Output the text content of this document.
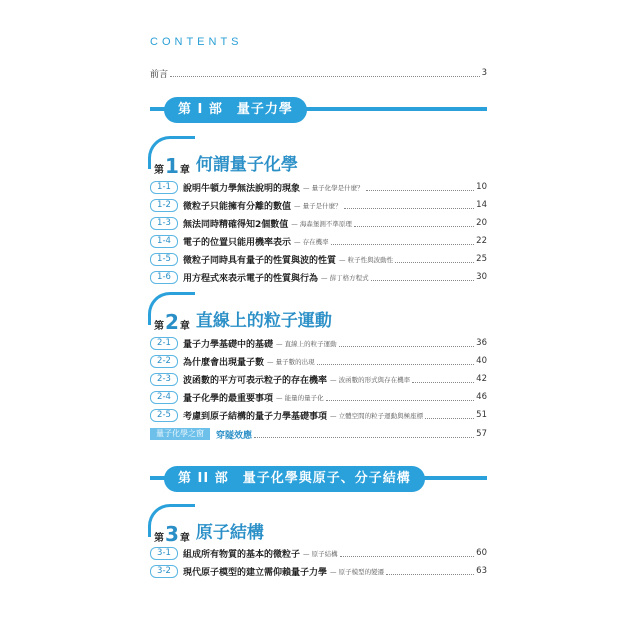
CONTENTS
前言	3
第 I 部　量子力學
第 1 章 何謂量子化學
1-1	說明牛頓力學無法說明的現象 — 量子化學是什麼？	10
1-2	微粒子只能擁有分離的數值 — 量子是什麼？	14
1-3	無法同時精確得知2個數值 — 海森堡測不準原理	20
1-4	電子的位置只能用機率表示 — 存在機率	22
1-5	微粒子同時具有量子的性質與波的性質 — 粒子性與波動性	25
1-6	用方程式來表示電子的性質與行為 — 薛丁格方程式	30
第 2 章 直線上的粒子運動
2-1	量子力學基礎中的基礎 — 直線上的粒子運動	36
2-2	為什麼會出現量子數 — 量子數的出現	40
2-3	波函數的平方可表示粒子的存在機率 — 波函數的形式與存在機率	42
2-4	量子化學的最重要事項 — 能量的量子化	46
2-5	考慮到原子結構的量子力學基礎事項 — 立體空間的粒子運動與極座標	51
量子化學之窗	穿隧效應	57
第 II 部　量子化學與原子、分子結構
第 3 章 原子結構
3-1	組成所有物質的基本的微粒子 — 原子結構	60
3-2	現代原子模型的建立需仰賴量子力學 — 原子模型的變遷	63
